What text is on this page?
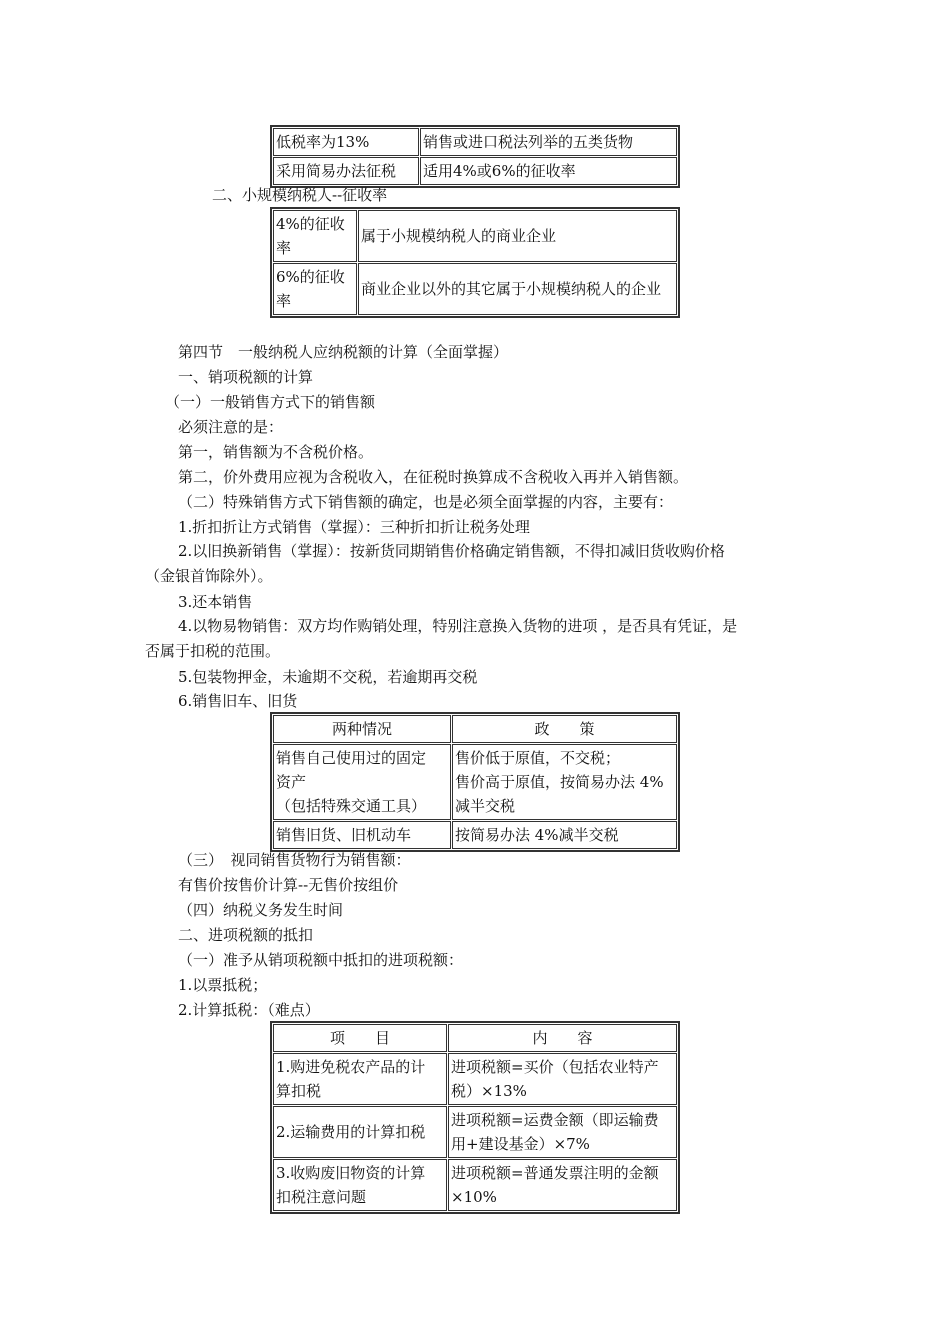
低税率为13%	销售或进口税法列举的五类货物
采用简易办法征税	适用4%或6%的征收率
二、小规模纳税人--征收率
4%的征收率	属于小规模纳税人的商业企业
6%的征收率	商业企业以外的其它属于小规模纳税人的企业
第四节　一般纳税人应纳税额的计算（全面掌握）
一、销项税额的计算
（一）一般销售方式下的销售额
必须注意的是：
第一，销售额为不含税价格。
第二，价外费用应视为含税收入，在征税时换算成不含税收入再并入销售额。
（二）特殊销售方式下销售额的确定，也是必须全面掌握的内容，主要有：
1.折扣折让方式销售（掌握）：三种折扣折让税务处理
2.以旧换新销售（掌握）：按新货同期销售价格确定销售额，不得扣减旧货收购价格
（金银首饰除外）。
3.还本销售
4.以物易物销售：双方均作购销处理，特别注意换入货物的进项 ，是否具有凭证，是
否属于扣税的范围。
5.包装物押金，未逾期不交税，若逾期再交税
6.销售旧车、旧货
两种情况	政　　策

销售自己使用过的固定
资产
（包括特殊交通工具）	售价低于原值，不交税；
售价高于原值，按简易办法 4%
减半交税

销售旧货、旧机动车	按简易办法 4%减半交税
（三）　视同销售货物行为销售额：
有售价按售价计算--无售价按组价
（四）纳税义务发生时间
二、进项税额的抵扣
（一）准予从销项税额中抵扣的进项税额：
1.以票抵税；
2.计算抵税：（难点）
项　　目	内　　容

1.购进免税农产品的计
算扣税	进项税额=买价（包括农业特产
税）×13%

2.运输费用的计算扣税	进项税额=运费金额（即运输费
用+建设基金）×7%

3.收购废旧物资的计算
扣税注意问题	进项税额=普通发票注明的金额
×10%
